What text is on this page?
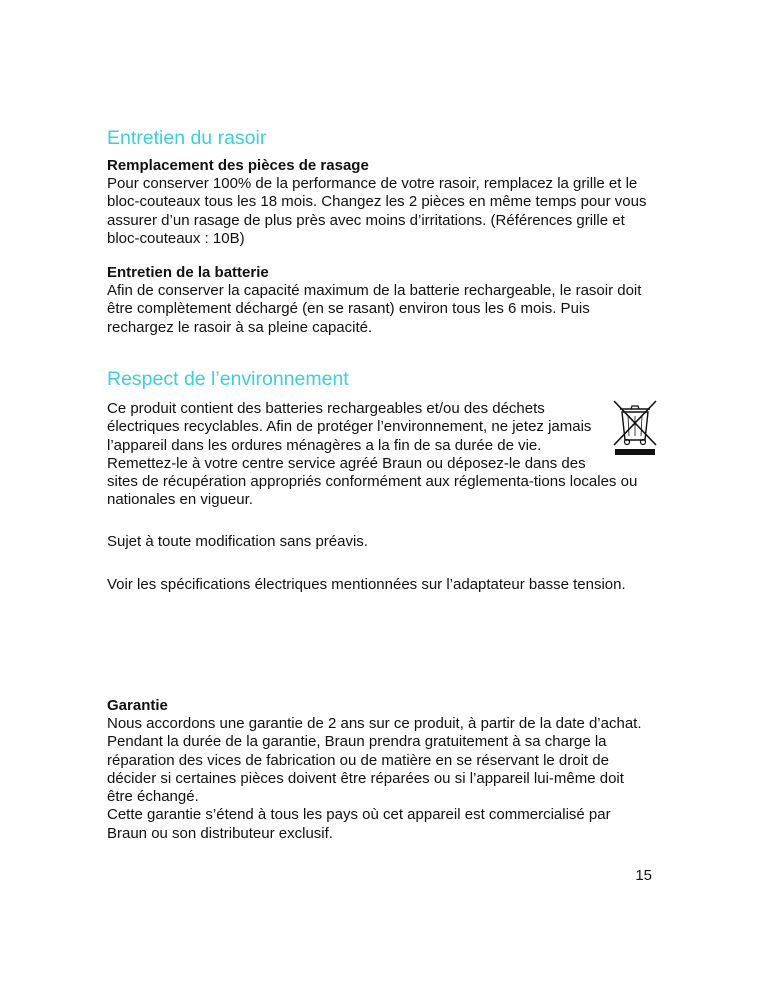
Entretien du rasoir
Remplacement des pièces de rasage

Pour conserver 100% de la performance de votre rasoir, remplacez la grille et le bloc-couteaux tous les 18 mois. Changez les 2 pièces en même temps pour vous assurer d’un rasage de plus près avec moins d’irritations. (Références grille et bloc-couteaux : 10B)

Entretien de la batterie

Afin de conserver la capacité maximum de la batterie rechargeable, le rasoir doit être complètement déchargé (en se rasant) environ tous les 6 mois. Puis rechargez le rasoir à sa pleine capacité.

Respect de l’environnement

Ce produit contient des batteries rechargeables et/ou des déchets électriques recyclables. Afin de protéger l’environnement, ne jetez jamais l’appareil dans les ordures ménagères a la fin de sa durée de vie. Remettez-le à votre centre service agréé Braun ou déposez-le dans des sites de récupération appropriés conformément aux réglementa-tions locales ou nationales en vigueur.

Sujet à toute modification sans préavis.

Voir les spécifications électriques mentionnées sur l’adaptateur basse tension.

Garantie

Nous accordons une garantie de 2 ans sur ce produit, à partir de la date d’achat.

Pendant la durée de la garantie, Braun prendra gratuitement à sa charge la réparation des vices de fabrication ou de matière en se réservant le droit de décider si certaines pièces doivent être réparées ou si l’appareil lui-même doit être échangé.

Cette garantie s’étend à tous les pays où cet appareil est commercialisé par Braun ou son distributeur exclusif.

15
